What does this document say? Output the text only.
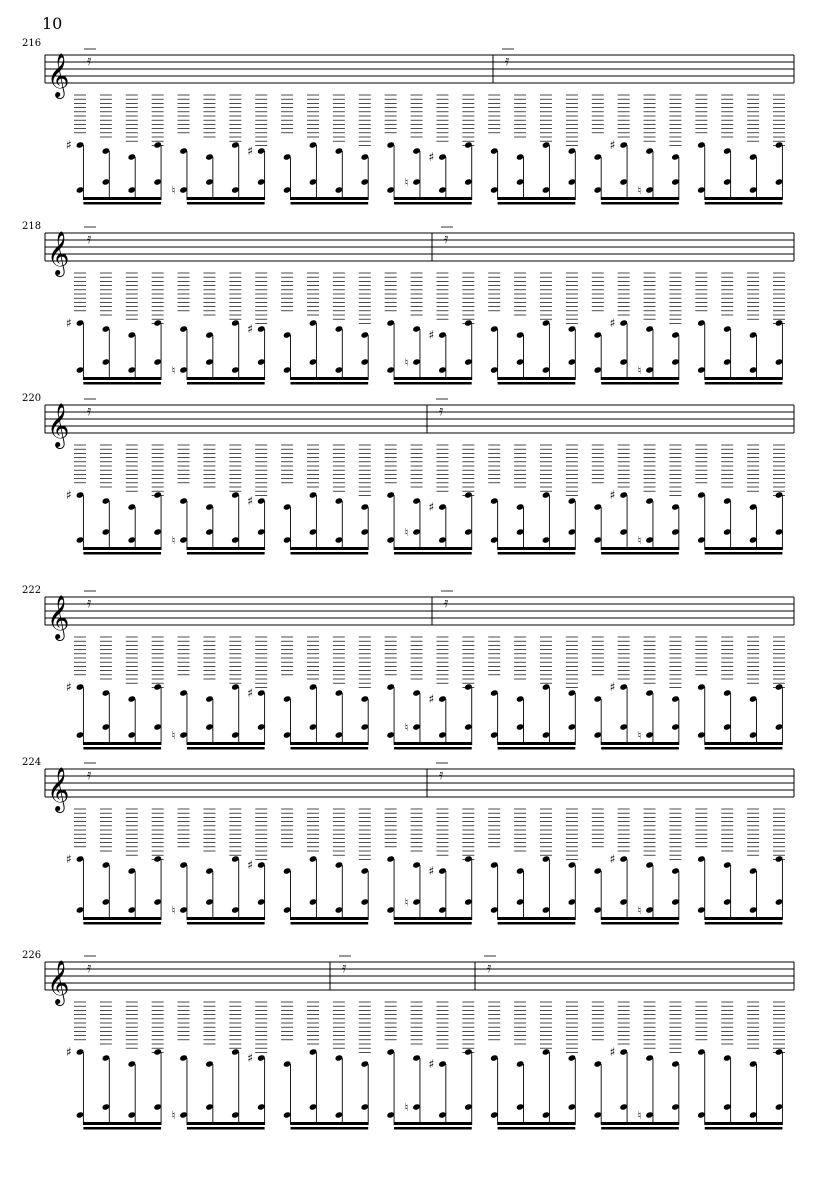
10
216
218
220
222
224
226
𝄞 𝄿	𝄿
♯
♮
♯
♮
♯
♯
♮
𝄞 𝄿	𝄿
♯
♮
♯
♮
♯
♯
♮
𝄞 𝄿	𝄿
♯
♮
♯
♮
♯
♯
♮
𝄞 𝄿	𝄿
♯
♮
♯
♮
♯
♯
♮
𝄞 𝄿	𝄿
♯
♮
♯
♮
♯
♯
♮
𝄞 𝄿	𝄿	𝄿
♯
♮
♯
♮
♯
♯
♮
